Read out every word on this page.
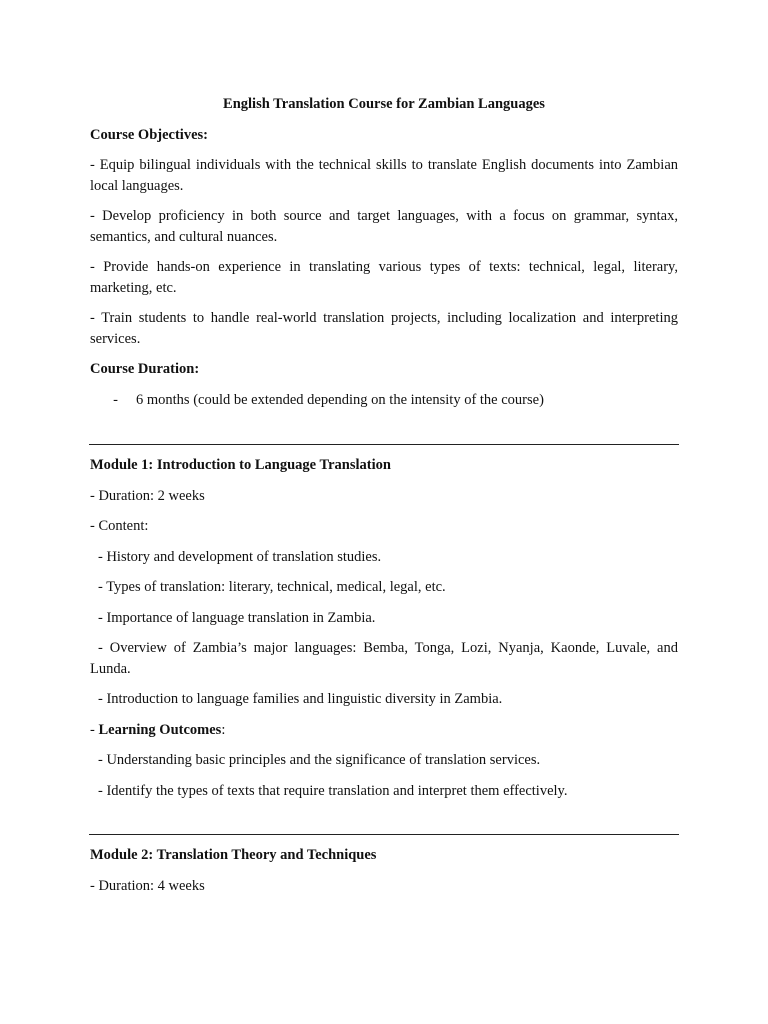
English Translation Course for Zambian Languages
Course Objectives:
- Equip bilingual individuals with the technical skills to translate English documents into Zambian local languages.
- Develop proficiency in both source and target languages, with a focus on grammar, syntax, semantics, and cultural nuances.
- Provide hands-on experience in translating various types of texts: technical, legal, literary, marketing, etc.
- Train students to handle real-world translation projects, including localization and interpreting services.
Course Duration:
-	6 months (could be extended depending on the intensity of the course)
Module 1: Introduction to Language Translation
- Duration: 2 weeks
- Content:
- History and development of translation studies.
- Types of translation: literary, technical, medical, legal, etc.
- Importance of language translation in Zambia.
- Overview of Zambia’s major languages: Bemba, Tonga, Lozi, Nyanja, Kaonde, Luvale, and Lunda.
- Introduction to language families and linguistic diversity in Zambia.
- Learning Outcomes:
- Understanding basic principles and the significance of translation services.
- Identify the types of texts that require translation and interpret them effectively.
Module 2: Translation Theory and Techniques
- Duration: 4 weeks
